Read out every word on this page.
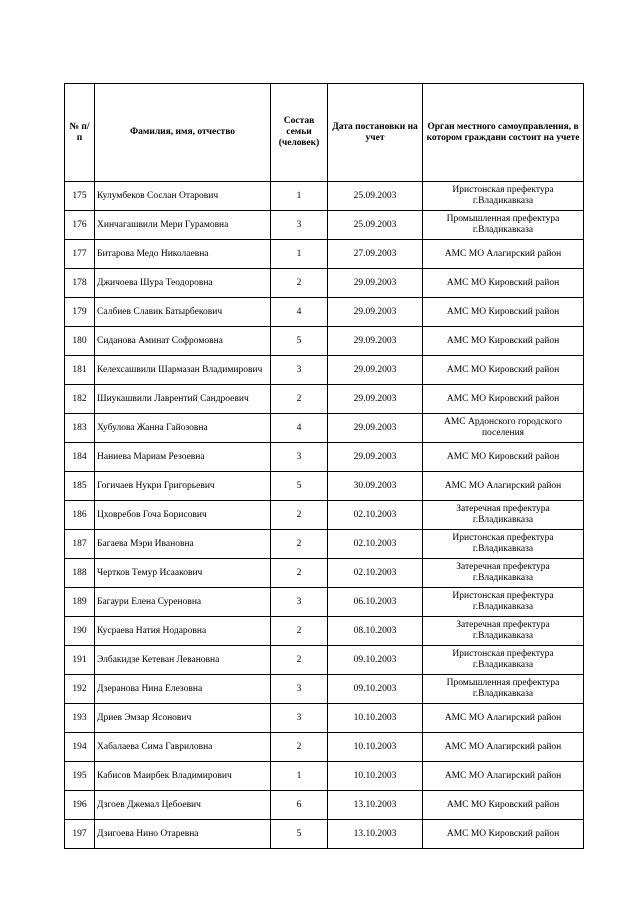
№ п/п	Фамилия, имя, отчество	Состав семьи (человек)	Дата постановки на учет	Орган местного самоуправления, в котором граждани состоит на учете
175	Кулумбеков Сослан Отарович	1	25.09.2003	Иристонская префектура г.Владикавказа
176	Хинчагашвили Мери Гурамовна	3	25.09.2003	Промышленная префектура г.Владикавказа
177	Битарова Медо Николаевна	1	27.09.2003	АМС МО Алагирский район
178	Джичоева Шура Теодоровна	2	29.09.2003	АМС МО Кировский район
179	Салбиев Славик Батырбекович	4	29.09.2003	АМС МО Кировский район
180	Сиданова Аминат Софромовна	5	29.09.2003	АМС МО Кировский район
181	Келехсашвили Шармазан Владимирович	3	29.09.2003	АМС МО Кировский район
182	Шиукашвили Лаврентий Сандроевич	2	29.09.2003	АМС МО Кировский район
183	Хубулова Жанна Гайозовна	4	29.09.2003	АМС Ардонского городского поселения
184	Наниева Мариам Резоевна	3	29.09.2003	АМС МО Кировский район
185	Гогичаев Нукри Григорьевич	5	30.09.2003	АМС МО Алагирский район
186	Цховребов Гоча Борисович	2	02.10.2003	Затеречная префектура г.Владикавказа
187	Багаева Мэри Ивановна	2	02.10.2003	Иристонская префектура г.Владикавказа
188	Чертков Темур Исаакович	2	02.10.2003	Затеречная префектура г.Владикавказа
189	Багаури Елена Суреновна	3	06.10.2003	Иристонская префектура г.Владикавказа
190	Кусраева Натия Нодаровна	2	08.10.2003	Затеречная префектура г.Владикавказа
191	Элбакидзе Кетеван Левановна	2	09.10.2003	Иристонская префектура г.Владикавказа
192	Дзеранова Нина Елезовна	3	09.10.2003	Промышленная префектура г.Владикавказа
193	Дриев Эмзар Ясонович	3	10.10.2003	АМС МО Алагирский район
194	Хабалаева Сима Гавриловна	2	10.10.2003	АМС МО Алагирский район
195	Кабисов Маирбек Владимирович	1	10.10.2003	АМС МО Алагирский район
196	Дзгоев Джемал Цебоевич	6	13.10.2003	АМС МО Кировский район
197	Дзигоева Нино Отаревна	5	13.10.2003	АМС МО Кировский район
